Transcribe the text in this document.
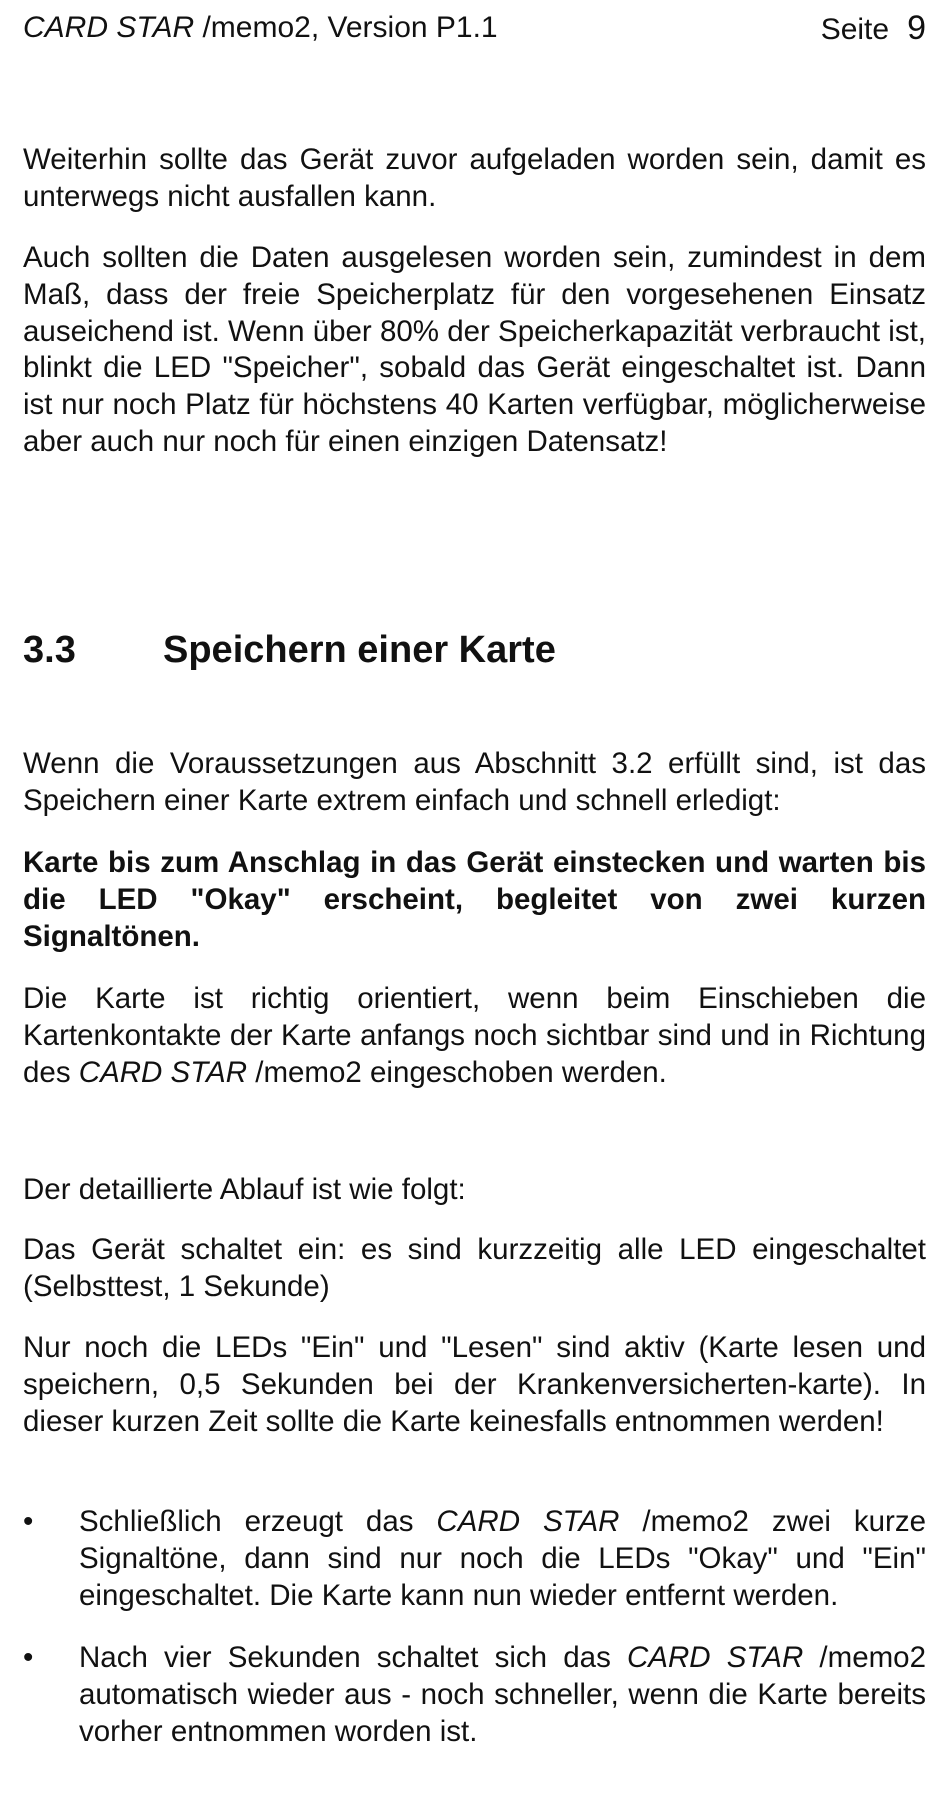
CARD STAR /memo2, Version P1.1	Seite 9

Weiterhin sollte das Gerät zuvor aufgeladen worden sein, damit es unterwegs nicht ausfallen kann.

Auch sollten die Daten ausgelesen worden sein, zumindest in dem Maß, dass der freie Speicherplatz für den vorgesehenen Einsatz auseichend ist. Wenn über 80% der Speicherkapazität verbraucht ist, blinkt die LED "Speicher", sobald das Gerät eingeschaltet ist. Dann ist nur noch Platz für höchstens 40 Karten verfügbar, möglicherweise aber auch nur noch für einen einzigen Datensatz!

3.3	Speichern einer Karte

Wenn die Voraussetzungen aus Abschnitt 3.2 erfüllt sind, ist das Speichern einer Karte extrem einfach und schnell erledigt:

Karte bis zum Anschlag in das Gerät einstecken und warten bis die LED "Okay" erscheint, begleitet von zwei kurzen Signaltönen.

Die Karte ist richtig orientiert, wenn beim Einschieben die Kartenkontakte der Karte anfangs noch sichtbar sind und in Richtung des CARD STAR /memo2 eingeschoben werden.

Der detaillierte Ablauf ist wie folgt:

Das Gerät schaltet ein: es sind kurzzeitig alle LED eingeschaltet (Selbsttest, 1 Sekunde)

Nur noch die LEDs "Ein" und "Lesen" sind aktiv (Karte lesen und speichern, 0,5 Sekunden bei der Krankenversicherten-karte). In dieser kurzen Zeit sollte die Karte keinesfalls entnommen werden!

• Schließlich erzeugt das CARD STAR /memo2 zwei kurze Signaltöne, dann sind nur noch die LEDs "Okay" und "Ein" eingeschaltet. Die Karte kann nun wieder entfernt werden.

• Nach vier Sekunden schaltet sich das CARD STAR /memo2 automatisch wieder aus - noch schneller, wenn die Karte bereits vorher entnommen worden ist.
